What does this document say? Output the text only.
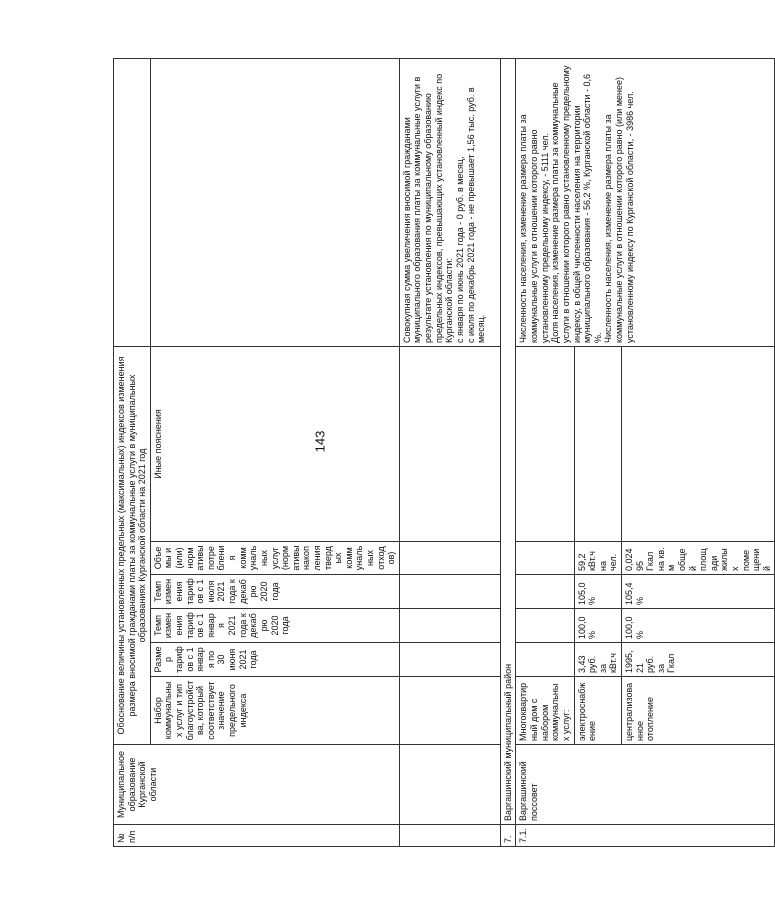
143
№ п/п	Муниципальное образование Курганской области	Обоснование величины установленных предельных (максимальных) индексов изменения размера вносимой гражданами платы за коммунальные услуги в муниципальных образованиях Курганской области на 2021 год						
		Набор коммунальных услуг и тип благоустройства, который соответствует значение предельного индекса	Размер тарифов с 1 января по 30 июня 2021 года	Темп изменения тарифов с 1 января 2021 года к декабрю 2020 года	Темп изменения тарифов с 1 июля 2021 года к декабрю 2020 года	Объемы и (или) нормативы потребления коммунальных услуг (нормативы накопления твердых коммунальных отходов)	Иные пояснения	
								Совокупная сумма увеличения вносимой гражданами муниципального образования платы за коммунальные услуги в результате установления по муниципальному образованию предельных индексов, превышающих установленный индекс по Курганской области:
с января по июнь 2021 года - 0 руб. в месяц,
с июля по декабрь 2021 года - не превышает 1,56 тыс. руб. в месяц.
7.	Варгашинский муниципальный район							
7.1.	Варгашинский поссовет	Многоквартирный дом с набором коммунальных услуг:						Численность населения, изменение размера платы за коммунальные услуги в отношении которого равно установленному предельному индексу, - 5111 чел.
Доля населения, изменение размера платы за коммунальные услуги в отношении которого равно установленному предельному индексу, в общей численности населения на территории муниципального образования - 56,2 %, Курганской области - 0,6 %.
Численность населения, изменение размера платы за коммунальные услуги в отношении которого равно (или менее) установленному индексу по Курганской области, - 3986 чел.
		электроснабжение	3,43 руб. за кВт.ч	100,0 %	105,0 %	59,2 кВт.ч на чел.		
		централизованное отопление	1995,21 руб. за Гкал	100,0 %	105,4 %	0,02495 Гкал на кв. м общей площади жилых помещений		
